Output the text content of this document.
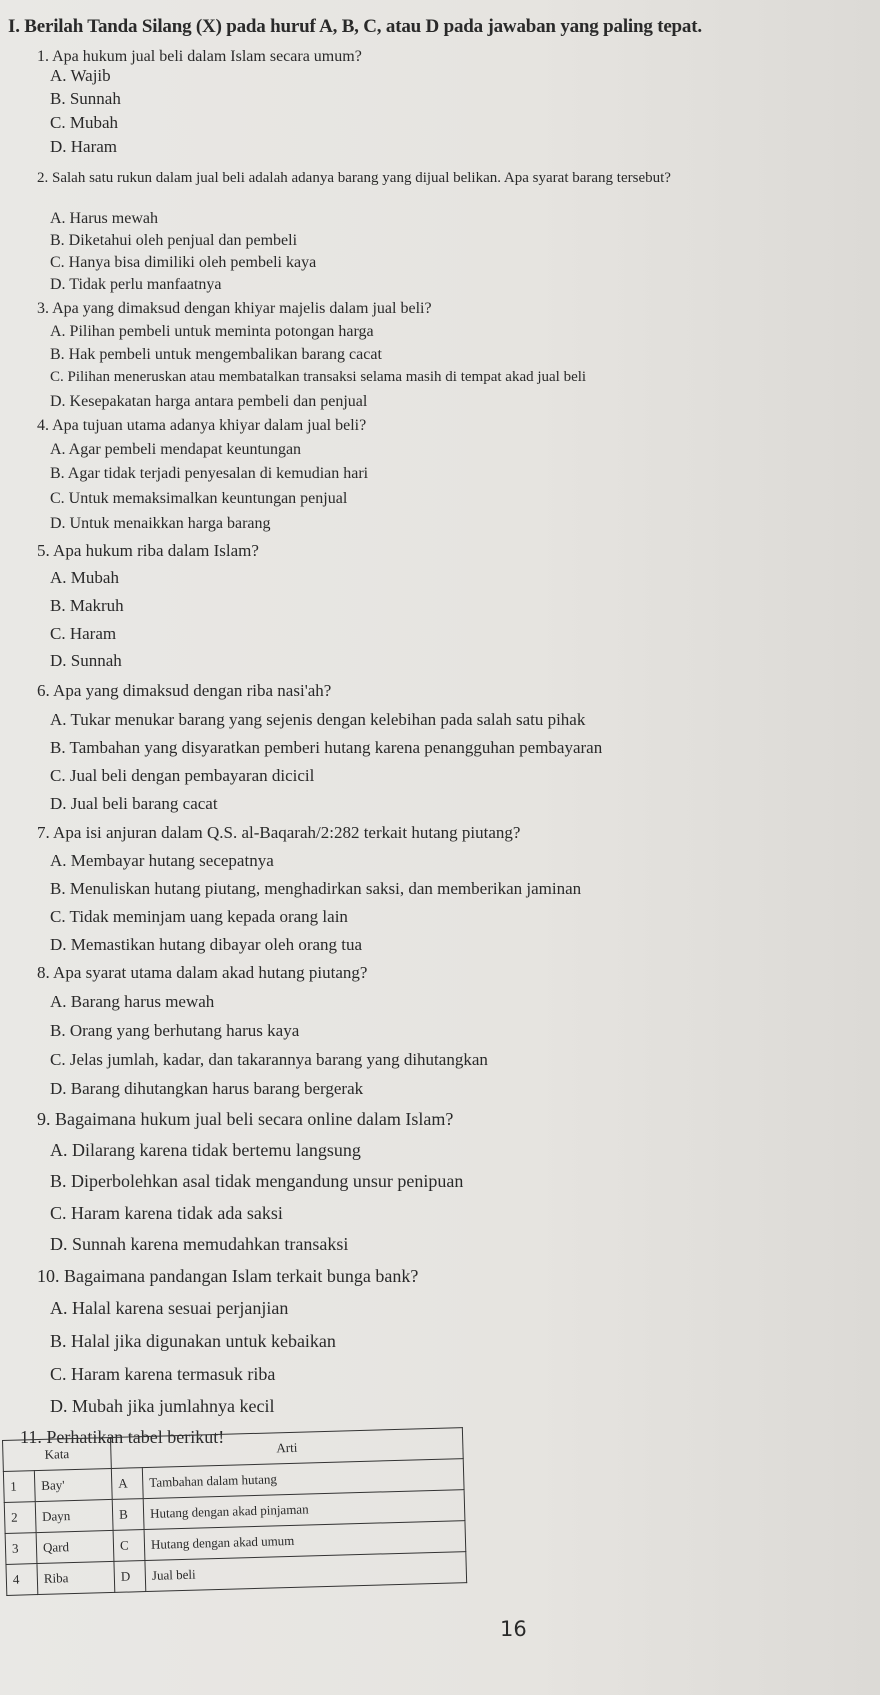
I. Berilah Tanda Silang (X) pada huruf A, B, C, atau D pada jawaban yang paling tepat.
1. Apa hukum jual beli dalam Islam secara umum?
A. Wajib
B. Sunnah
C. Mubah
D. Haram
2. Salah satu rukun dalam jual beli adalah adanya barang yang dijual belikan. Apa syarat barang tersebut?
A. Harus mewah
B. Diketahui oleh penjual dan pembeli
C. Hanya bisa dimiliki oleh pembeli kaya
D. Tidak perlu manfaatnya
3. Apa yang dimaksud dengan khiyar majelis dalam jual beli?
A. Pilihan pembeli untuk meminta potongan harga
B. Hak pembeli untuk mengembalikan barang cacat
C. Pilihan meneruskan atau membatalkan transaksi selama masih di tempat akad jual beli
D. Kesepakatan harga antara pembeli dan penjual
4. Apa tujuan utama adanya khiyar dalam jual beli?
A. Agar pembeli mendapat keuntungan
B. Agar tidak terjadi penyesalan di kemudian hari
C. Untuk memaksimalkan keuntungan penjual
D. Untuk menaikkan harga barang
5. Apa hukum riba dalam Islam?
A. Mubah
B. Makruh
C. Haram
D. Sunnah
6. Apa yang dimaksud dengan riba nasi'ah?
A. Tukar menukar barang yang sejenis dengan kelebihan pada salah satu pihak
B. Tambahan yang disyaratkan pemberi hutang karena penangguhan pembayaran
C. Jual beli dengan pembayaran dicicil
D. Jual beli barang cacat
7. Apa isi anjuran dalam Q.S. al-Baqarah/2:282 terkait hutang piutang?
A. Membayar hutang secepatnya
B. Menuliskan hutang piutang, menghadirkan saksi, dan memberikan jaminan
C. Tidak meminjam uang kepada orang lain
D. Memastikan hutang dibayar oleh orang tua
8. Apa syarat utama dalam akad hutang piutang?
A. Barang harus mewah
B. Orang yang berhutang harus kaya
C. Jelas jumlah, kadar, dan takarannya barang yang dihutangkan
D. Barang dihutangkan harus barang bergerak
9. Bagaimana hukum jual beli secara online dalam Islam?
A. Dilarang karena tidak bertemu langsung
B. Diperbolehkan asal tidak mengandung unsur penipuan
C. Haram karena tidak ada saksi
D. Sunnah karena memudahkan transaksi
10. Bagaimana pandangan Islam terkait bunga bank?
A. Halal karena sesuai perjanjian
B. Halal jika digunakan untuk kebaikan
C. Haram karena termasuk riba
D. Mubah jika jumlahnya kecil
11. Perhatikan tabel berikut!
Kata		Arti	
1	Bay'	A	Tambahan dalam hutang
2	Dayn	B	Hutang dengan akad pinjaman
3	Qard	C	Hutang dengan akad umum
4	Riba	D	Jual beli
16
